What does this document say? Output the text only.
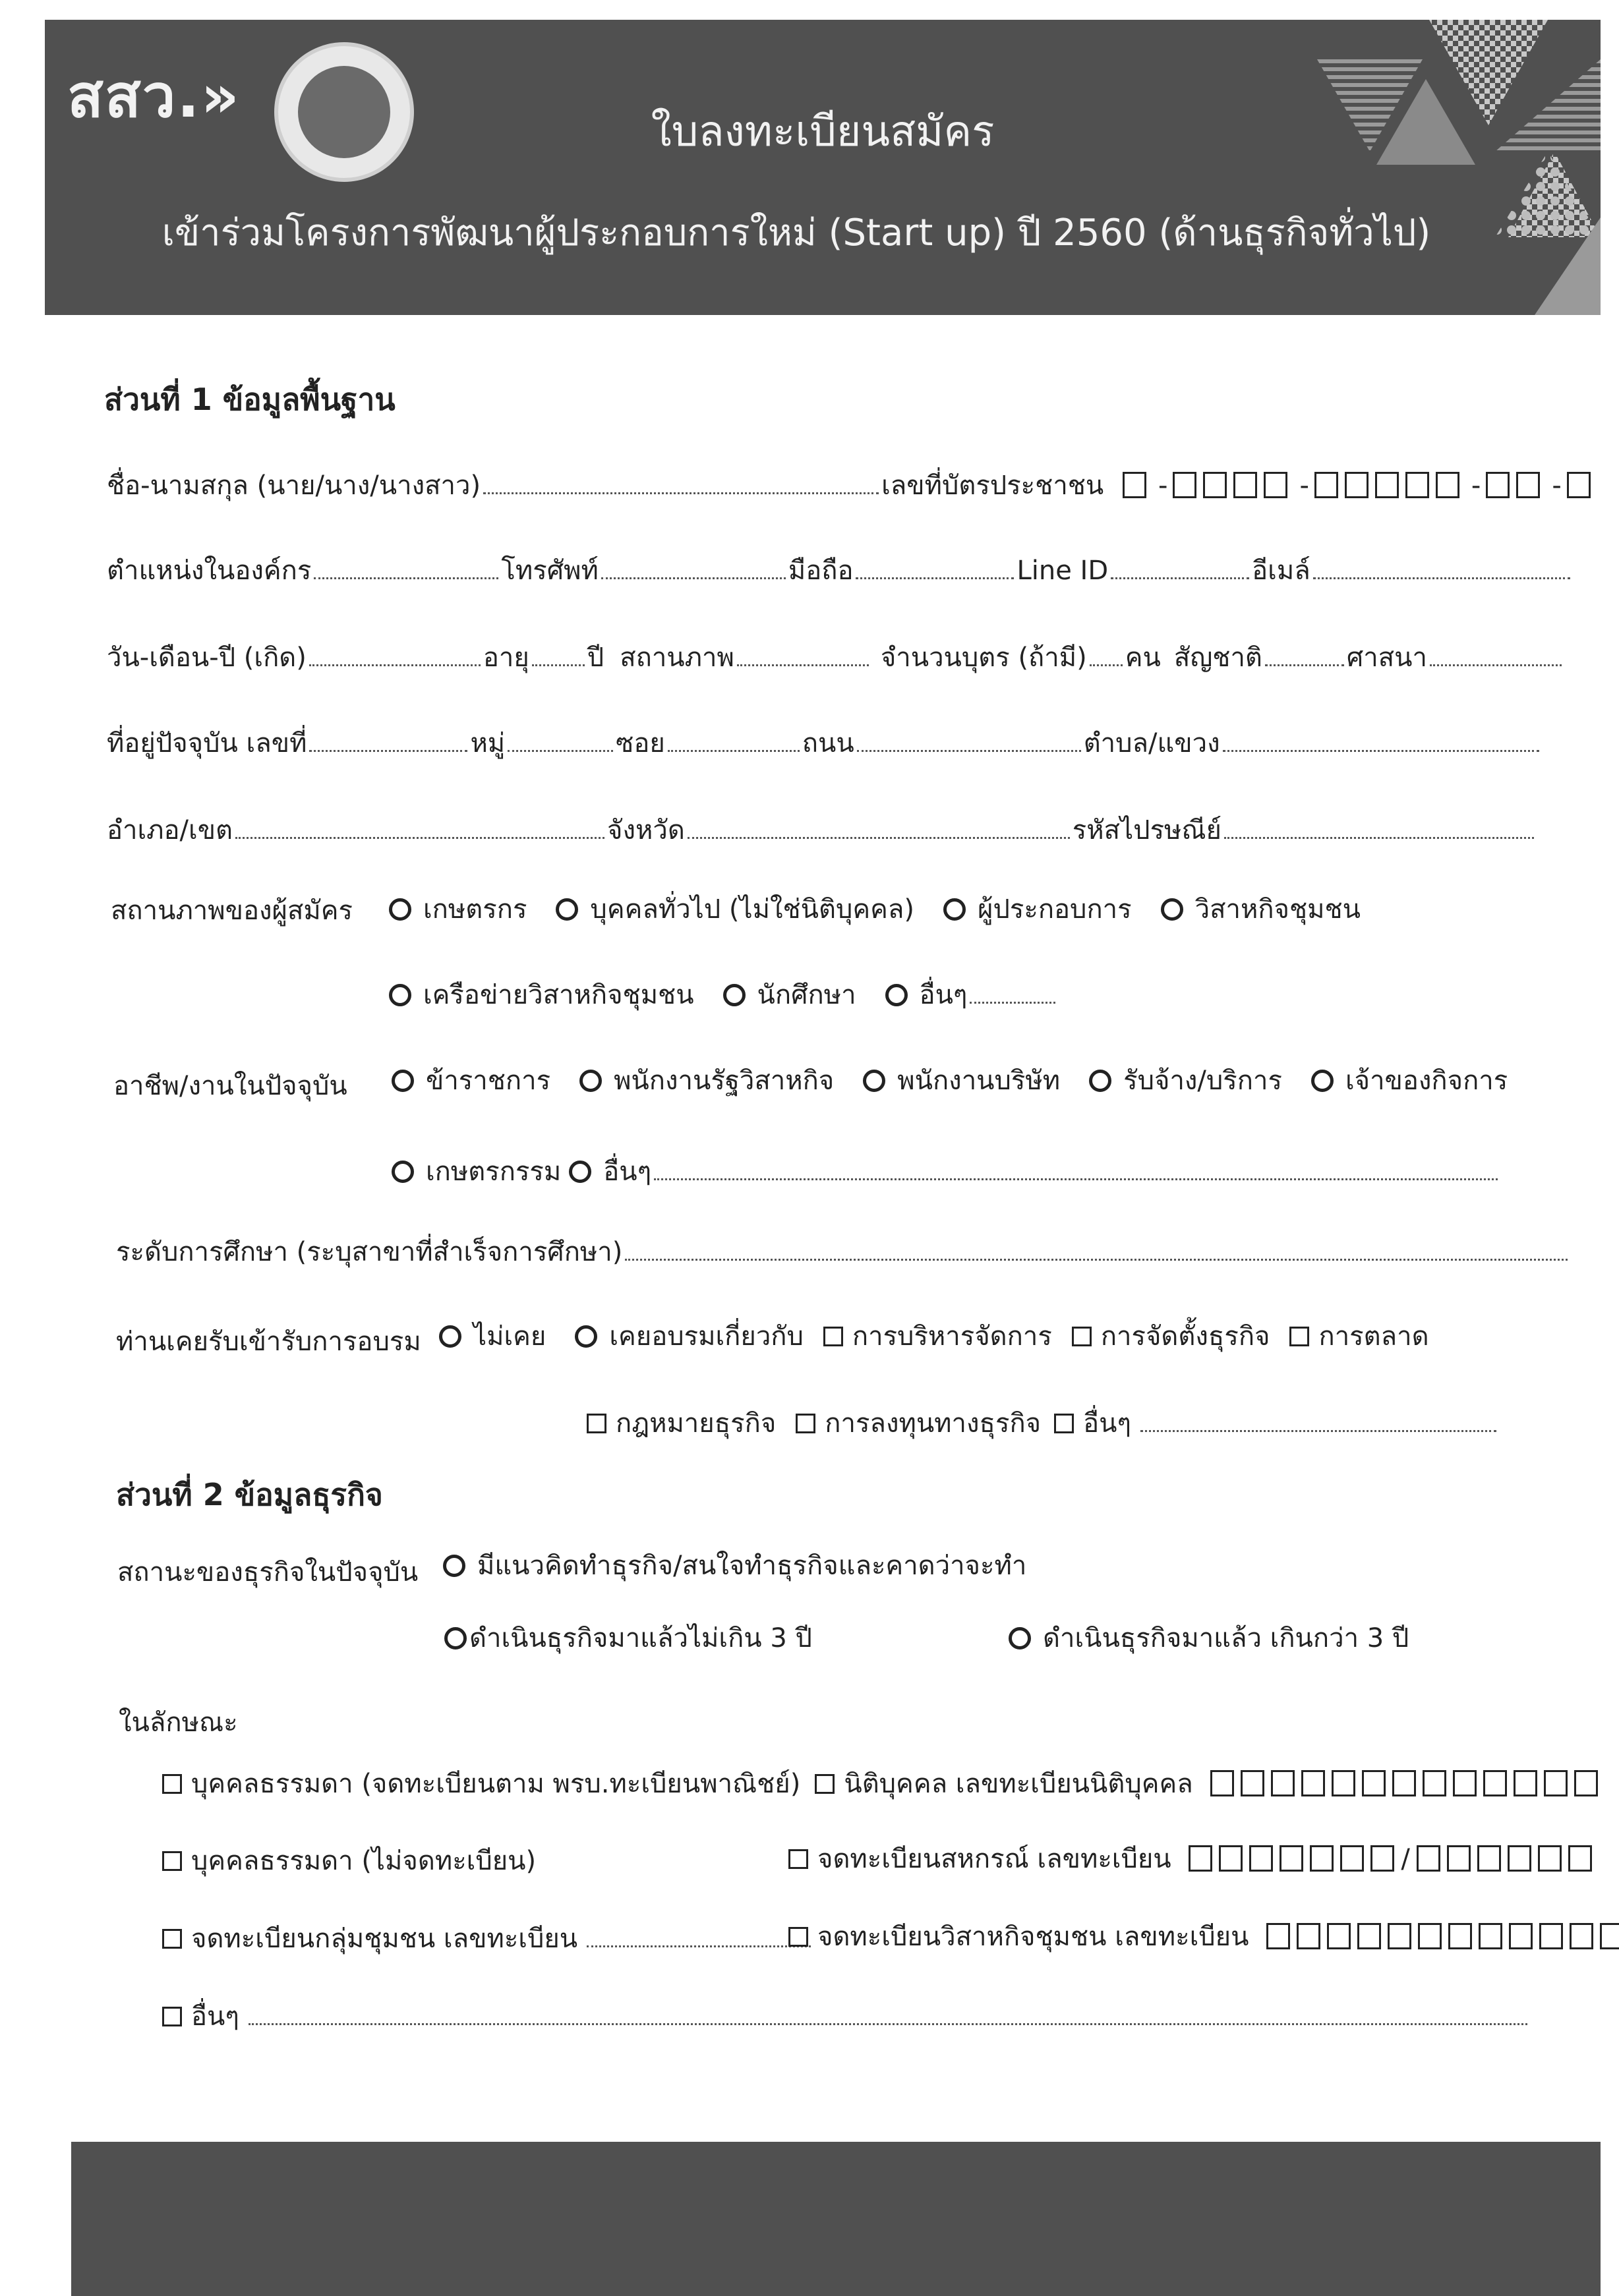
สสว.»
ใบลงทะเบียนสมัคร
เข้าร่วมโครงการพัฒนาผู้ประกอบการใหม่ (Start up) ปี 2560 (ด้านธุรกิจทั่วไป)
ส่วนที่ 1 ข้อมูลพื้นฐาน
ชื่อ-นามสกุล (นาย/นาง/นางสาว)	เลขที่บัตรประชาชน -	-	-	-
ตำแหน่งในองค์กร	โทรศัพท์	มือถือ	Line ID	อีเมล์
วัน-เดือน-ปี (เกิด)	อายุ ปี สถานภาพ	จำนวนบุตร (ถ้ามี) คน สัญชาติ	ศาสนา
ที่อยู่ปัจจุบัน เลขที่	หมู่	ซอย	ถนน	ตำบล/แขวง
อำเภอ/เขต	จังหวัด	รหัสไปรษณีย์
สถานภาพของผู้สมัคร	เกษตรกร บุคคลทั่วไป (ไม่ใช่นิติบุคคล) ผู้ประกอบการ วิสาหกิจชุมชน
เครือข่ายวิสาหกิจชุมชน นักศึกษา อื่นๆ
อาชีพ/งานในปัจจุบัน	ข้าราชการ พนักงานรัฐวิสาหกิจ พนักงานบริษัท รับจ้าง/บริการ เจ้าของกิจการ
เกษตรกรรม อื่นๆ
ระดับการศึกษา (ระบุสาขาที่สำเร็จการศึกษา)
ท่านเคยรับเข้ารับการอบรม	ไม่เคย เคยอบรมเกี่ยวกับ การบริหารจัดการ การจัดตั้งธุรกิจ การตลาด
กฎหมายธุรกิจ การลงทุนทางธุรกิจ อื่นๆ
ส่วนที่ 2 ข้อมูลธุรกิจ
สถานะของธุรกิจในปัจจุบัน	มีแนวคิดทำธุรกิจ/สนใจทำธุรกิจและคาดว่าจะทำ
ดำเนินธุรกิจมาแล้วไม่เกิน 3 ปี	ดำเนินธุรกิจมาแล้ว เกินกว่า 3 ปี
ในลักษณะ
บุคคลธรรมดา (จดทะเบียนตาม พรบ.ทะเบียนพาณิชย์) นิติบุคคล เลขทะเบียนนิติบุคคล
บุคคลธรรมดา (ไม่จดทะเบียน)	จดทะเบียนสหกรณ์ เลขทะเบียน	/
จดทะเบียนกลุ่มชุมชน เลขทะเบียน	จดทะเบียนวิสาหกิจชุมชน เลขทะเบียน
อื่นๆ
